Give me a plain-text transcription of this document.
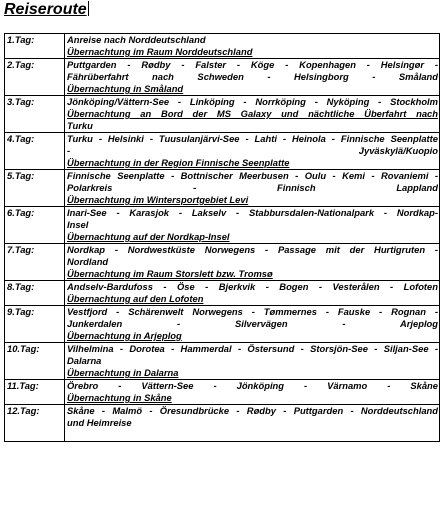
Reiseroute
1.Tag:	Anreise nach Norddeutschland
Übernachtung im Raum Norddeutschland

2.Tag:	Puttgarden - Rødby - Falster - Köge - Kopenhagen - Helsingør -
Fährüberfahrt nach Schweden - Helsingborg - Småland
Übernachtung in Småland

3.Tag:	Jönköping/Vättern-See - Linköping - Norrköping - Nyköping - Stockholm
Übernachtung an Bord der MS Galaxy und nächtliche Überfahrt nach
Turku

4.Tag:	Turku - Helsinki - Tuusulanjärvi-See - Lahti - Heinola - Finnische Seenplatte
- Jyväskylä/Kuopio
Übernachtung in der Region Finnische Seenplatte

5.Tag:	Finnische Seenplatte - Bottnischer Meerbusen - Oulu - Kemi - Rovaniemi -
Polarkreis - Finnisch Lappland
Übernachtung im Wintersportgebiet Levi

6.Tag:	Inari-See - Karasjok - Lakselv - Stabbursdalen-Nationalpark - Nordkap-
Insel
Übernachtung auf der Nordkap-Insel

7.Tag:	Nordkap - Nordwestküste Norwegens - Passage mit der Hurtigruten -
Nordland
Übernachtung im Raum Storslett bzw. Tromsø

8.Tag:	Andselv-Bardufoss - Öse - Bjerkvik - Bogen - Vesterålen - Lofoten
Übernachtung auf den Lofoten

9.Tag:	Vestfjord - Schärenwelt Norwegens - Tømmernes - Fauske - Rognan -
Junkerdalen - Silvervägen - Arjeplog
Übernachtung in Arjeplog

10.Tag:	Vilhelmina - Dorotea - Hammerdal - Östersund - Storsjön-See - Siljan-See -
Dalarna
Übernachtung in Dalarna

11.Tag:	Örebro - Vättern-See - Jönköping - Värnamo - Skåne
Übernachtung in Skåne

12.Tag:	Skåne - Malmö - Öresundbrücke - Rødby - Puttgarden - Norddeutschland
und Heimreise
